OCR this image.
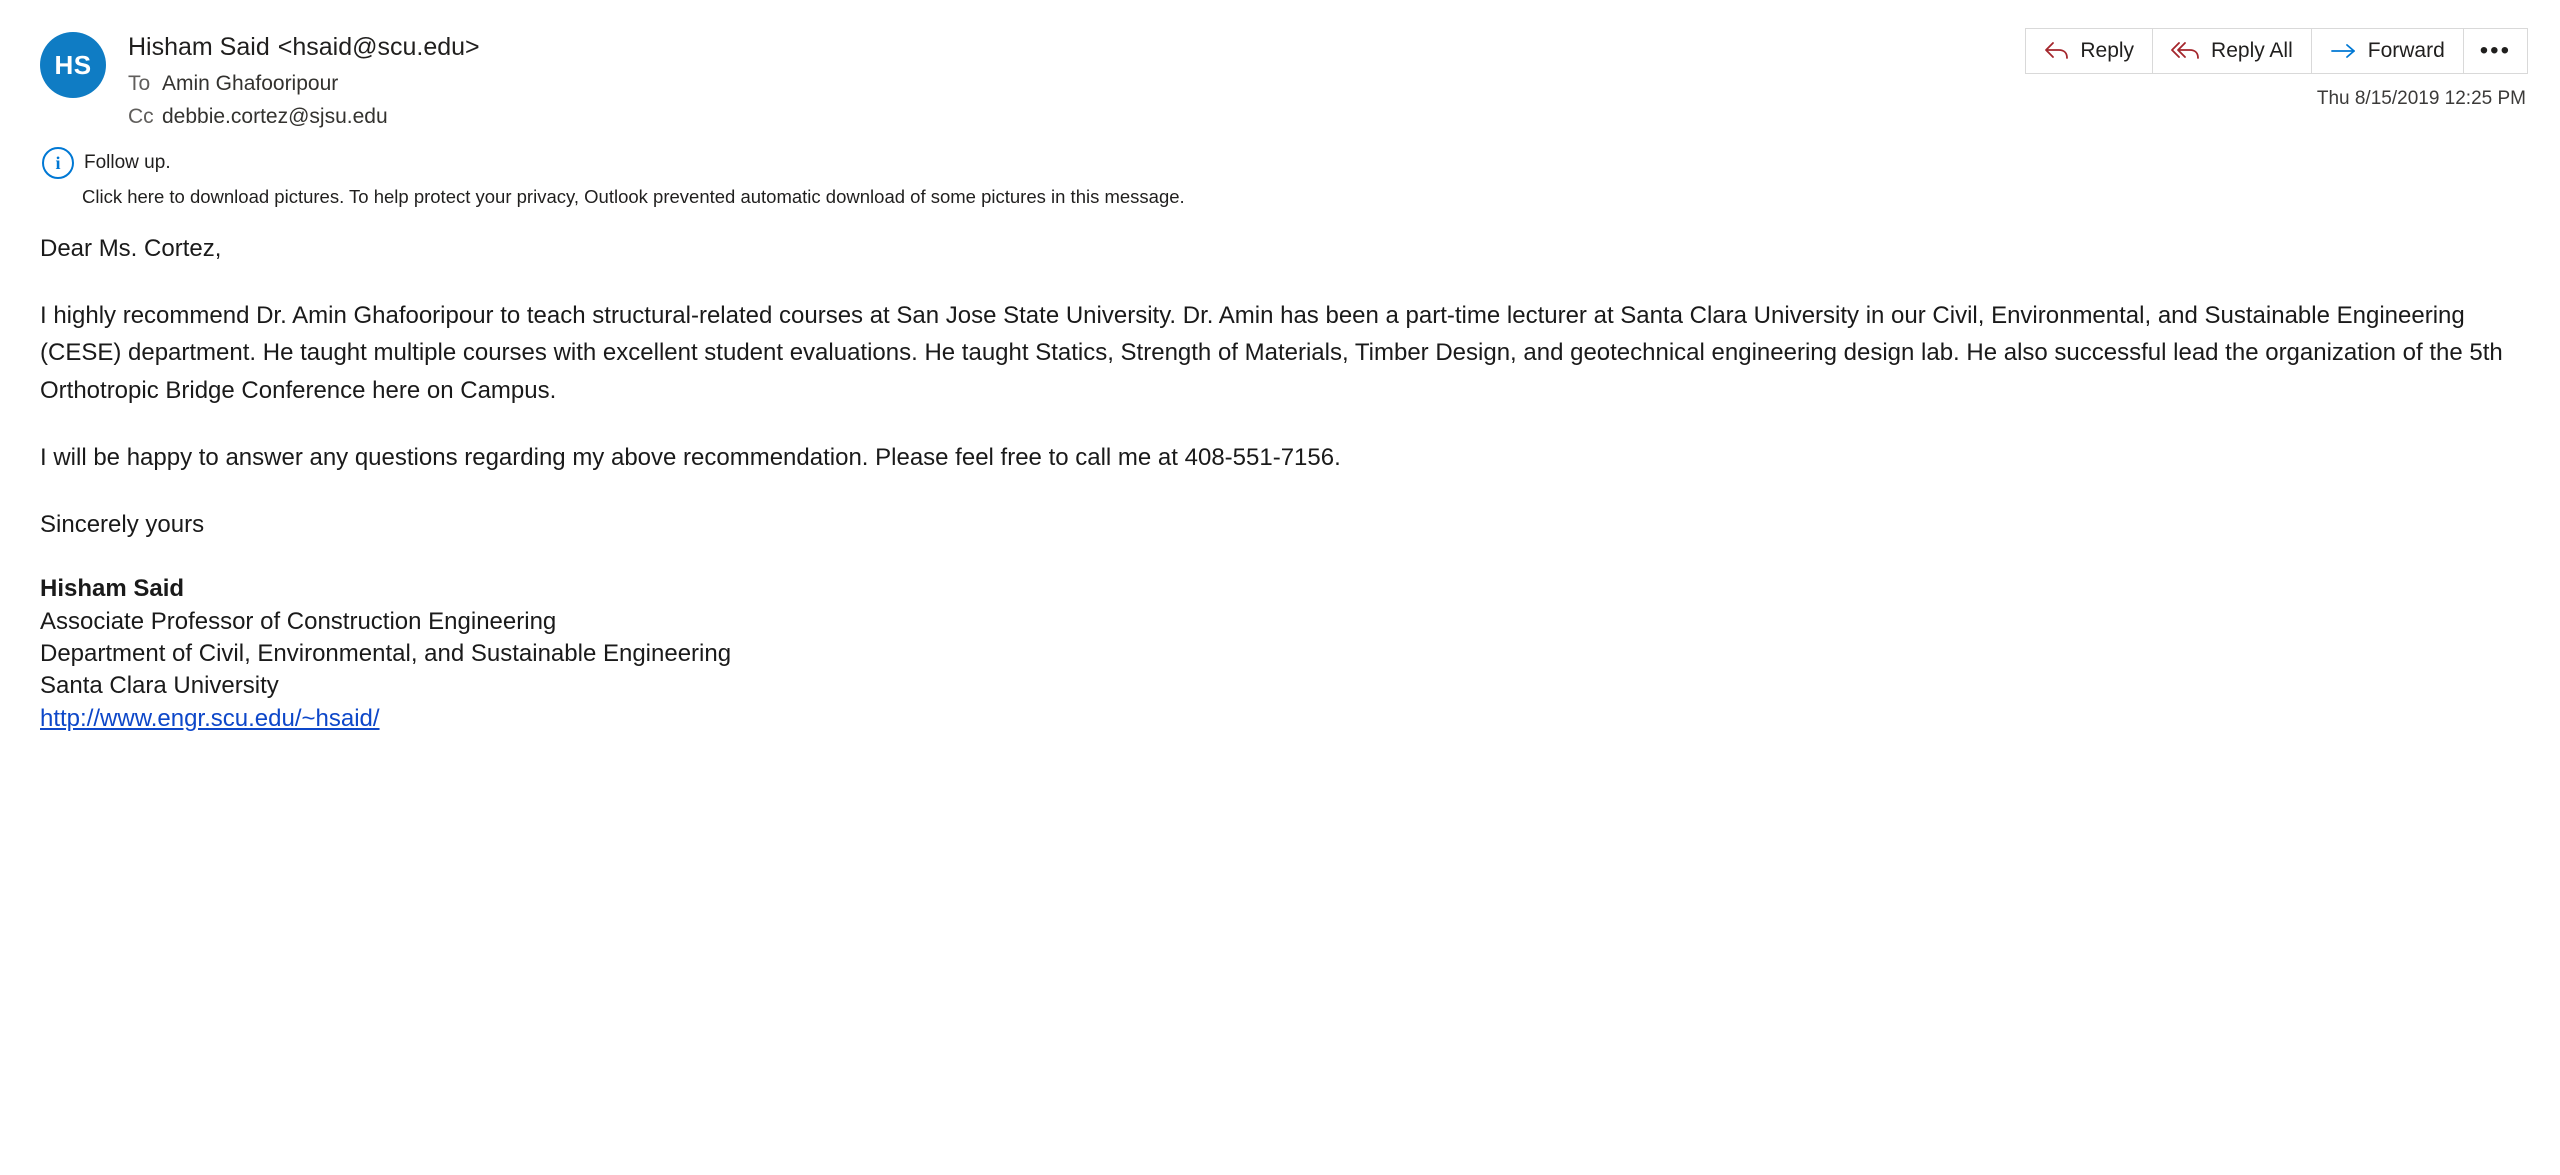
Reply	Reply All	Forward •••
Thu 8/15/2019 12:25 PM
HS
Hisham Said <hsaid@scu.edu>
To Amin Ghafooripour
Cc debbie.cortez@sjsu.edu
i	Follow up.
Click here to download pictures. To help protect your privacy, Outlook prevented automatic download of some pictures in this message.

Dear Ms. Cortez,

I highly recommend Dr. Amin Ghafooripour to teach structural-related courses at San Jose State University. Dr. Amin has been a part-time lecturer at Santa Clara University in our Civil, Environmental, and Sustainable Engineering (CESE) department. He taught multiple courses with excellent student evaluations. He taught Statics, Strength of Materials, Timber Design, and geotechnical engineering design lab. He also successful lead the organization of the 5th Orthotropic Bridge Conference here on Campus.

I will be happy to answer any questions regarding my above recommendation. Please feel free to call me at 408-551-7156.

Sincerely yours

Hisham Said

Associate Professor of Construction Engineering

Department of Civil, Environmental, and Sustainable Engineering

Santa Clara University

http://www.engr.scu.edu/~hsaid/
